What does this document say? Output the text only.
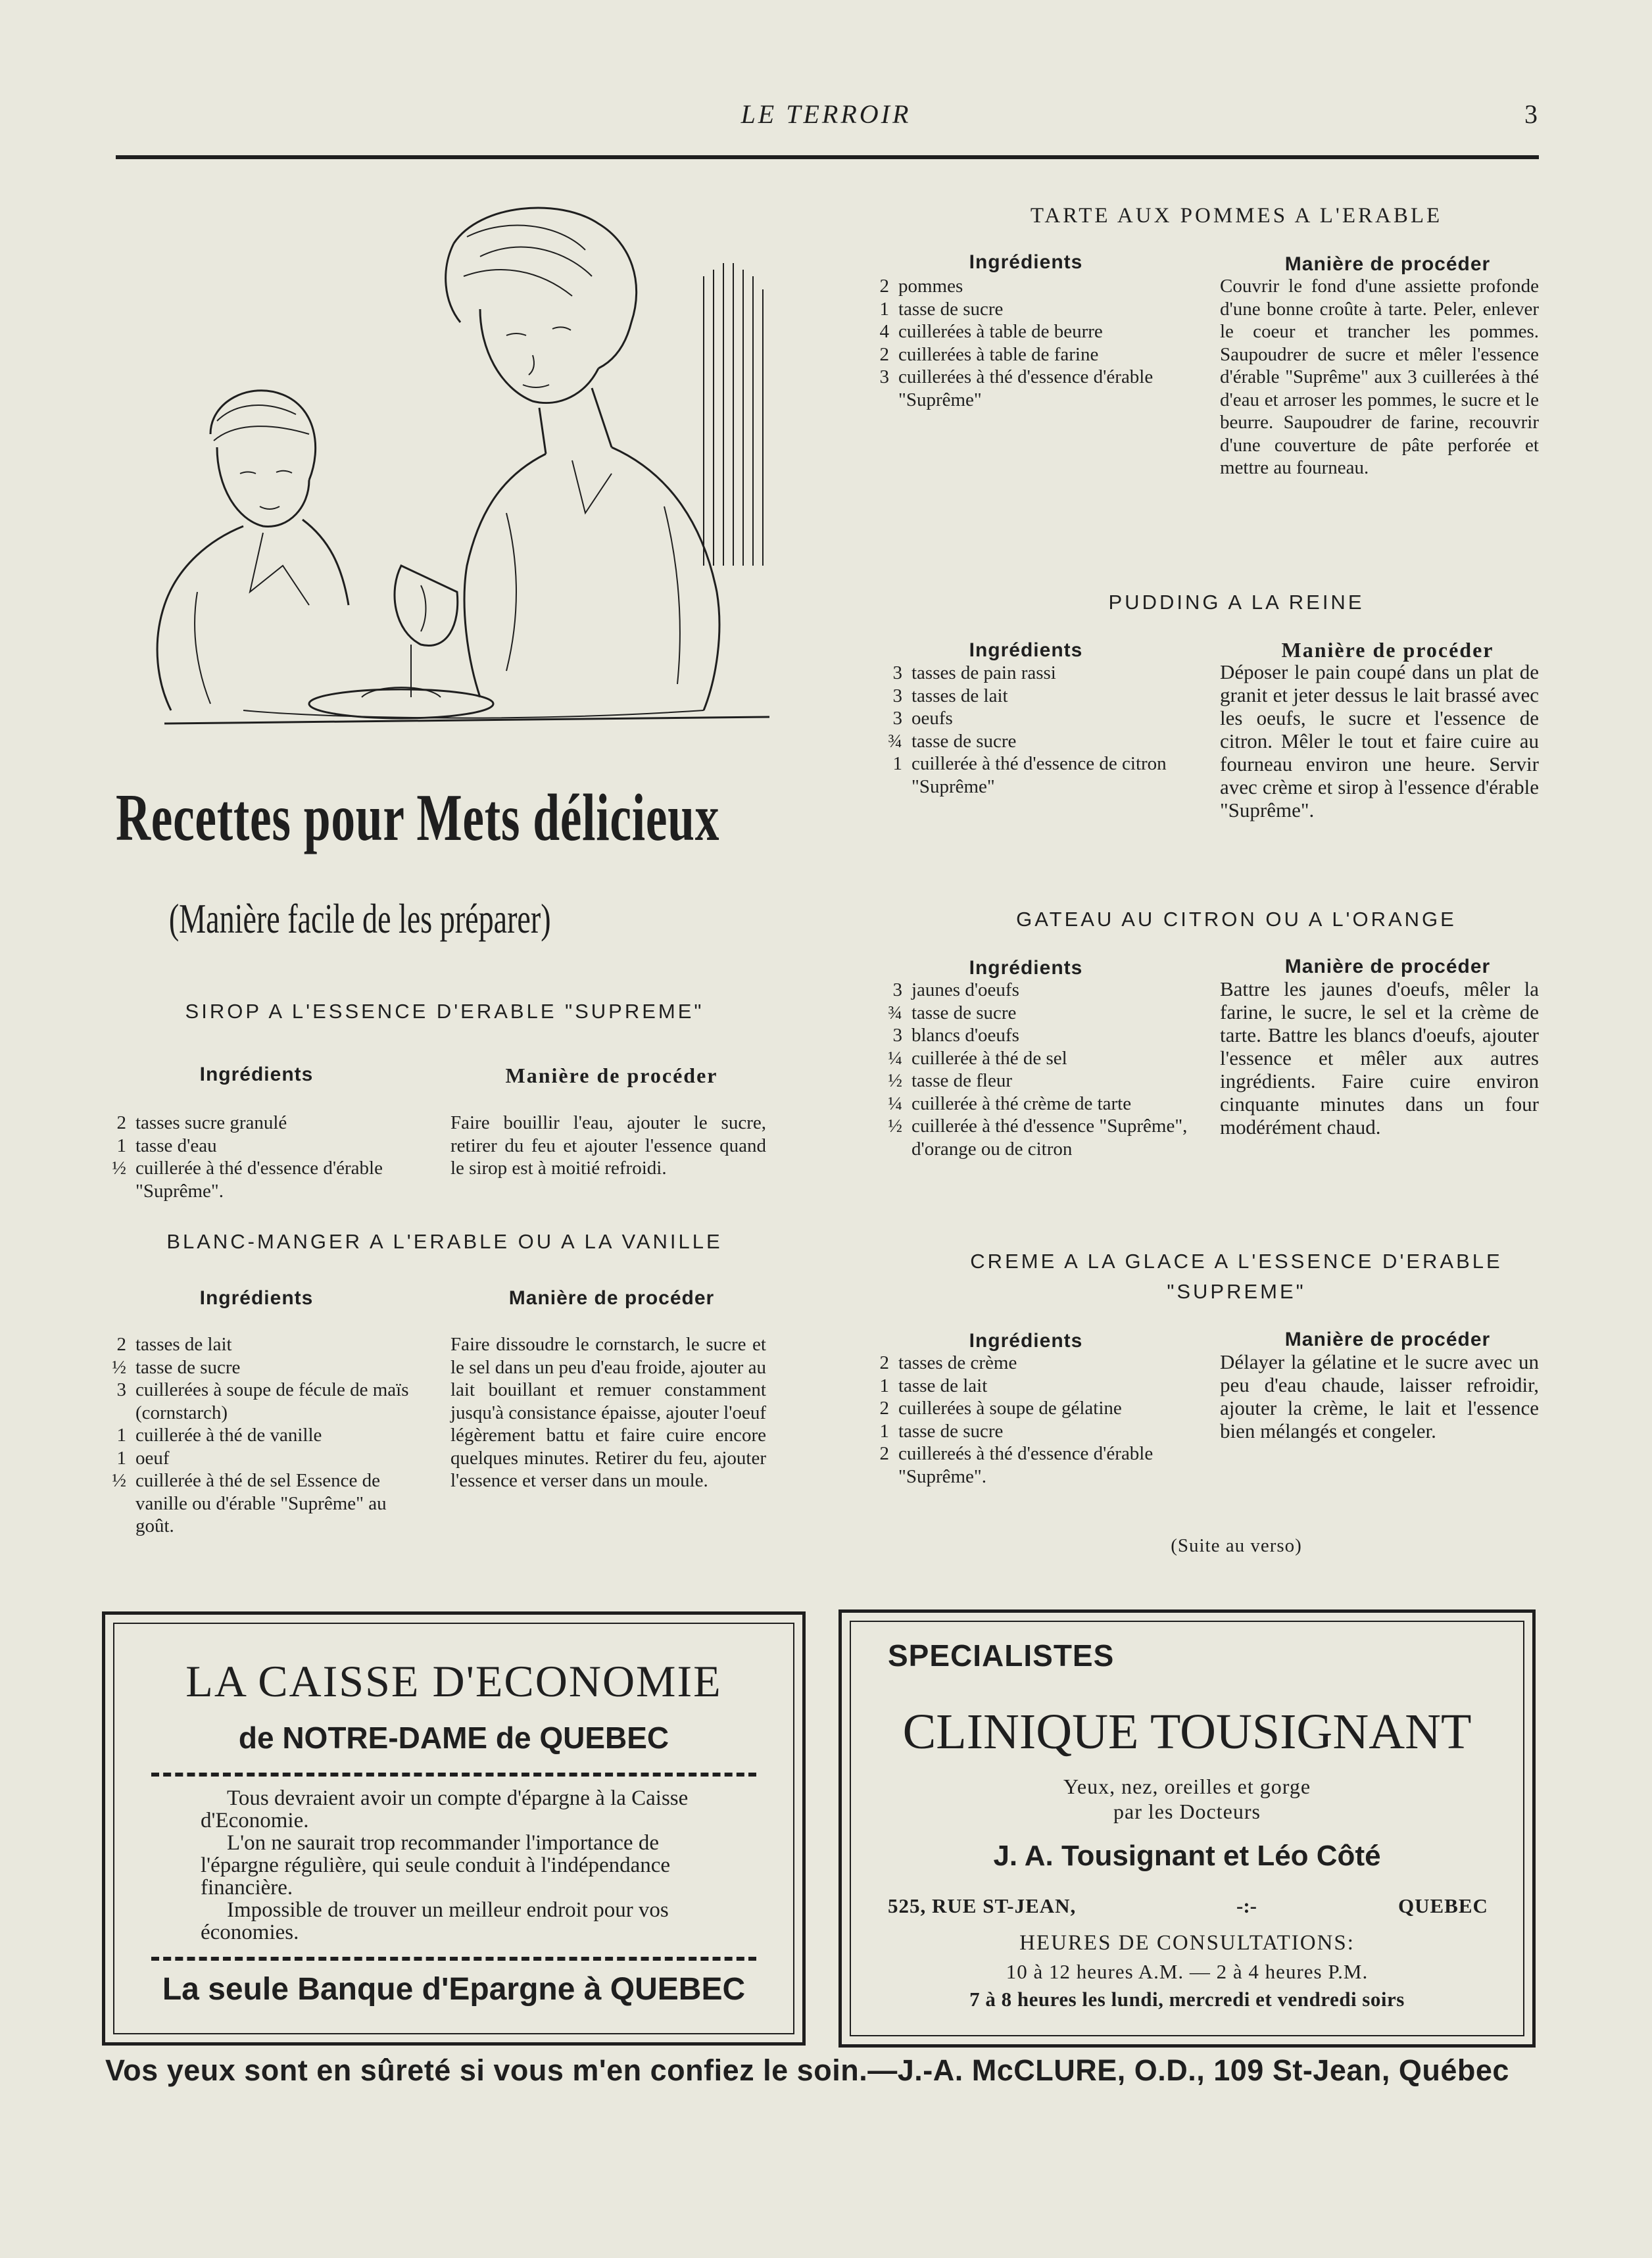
LE TERROIR	3
Recettes pour Mets délicieux
(Manière facile de les préparer)
TARTE AUX POMMES A L'ERABLE
Ingrédients	Manière de procéder
2 pommes
1 tasse de sucre
4 cuillerées à table de beurre
2 cuillerées à table de farine
3 cuillerées à thé d'essence d'érable "Suprême"

Couvrir le fond d'une assiette profonde d'une bonne croûte à tarte. Peler, enlever le coeur et trancher les pommes. Saupoudrer de sucre et mêler l'essence d'érable "Suprême" aux 3 cuillerées à thé d'eau et arroser les pommes, le sucre et le beurre. Saupoudrer de farine, recouvrir d'une couverture de pâte perforée et mettre au fourneau.

PUDDING A LA REINE
Ingrédients	Manière de procéder
3 tasses de pain rassi
3 tasses de lait
3 oeufs
¾ tasse de sucre
1 cuillerée à thé d'essence de citron "Suprême"

Déposer le pain coupé dans un plat de granit et jeter dessus le lait brassé avec les oeufs, le sucre et l'essence de citron. Mêler le tout et faire cuire au fourneau environ une heure. Servir avec crème et sirop à l'essence d'érable "Suprême".

GATEAU AU CITRON OU A L'ORANGE
Ingrédients	Manière de procéder
3 jaunes d'oeufs
¾ tasse de sucre
3 blancs d'oeufs
¼ cuillerée à thé de sel
½ tasse de fleur
¼ cuillerée à thé crème de tarte
½ cuillerée à thé d'essence "Suprême", d'orange ou de citron

Battre les jaunes d'oeufs, mêler la farine, le sucre, le sel et la crème de tarte. Battre les blancs d'oeufs, ajouter l'essence et mêler aux autres ingrédients. Faire cuire environ cinquante minutes dans un four modérément chaud.

CREME A LA GLACE A L'ESSENCE D'ERABLE
"SUPREME"
Ingrédients	Manière de procéder
2 tasses de crème
1 tasse de lait
2 cuillerées à soupe de gélatine
1 tasse de sucre
2 cuillereés à thé d'essence d'érable "Suprême".

Délayer la gélatine et le sucre avec un peu d'eau chaude, laisser refroidir, ajouter la crème, le lait et l'essence bien mélangés et congeler.

(Suite au verso)
SIROP A L'ESSENCE D'ERABLE "SUPREME"
Ingrédients	Manière de procéder
2 tasses sucre granulé
1 tasse d'eau
½ cuillerée à thé d'essence d'érable "Suprême".

Faire bouillir l'eau, ajouter le sucre, retirer du feu et ajouter l'essence quand le sirop est à moitié refroidi.

BLANC-MANGER A L'ERABLE OU A LA VANILLE
Ingrédients	Manière de procéder
2 tasses de lait
½ tasse de sucre
3 cuillerées à soupe de fécule de maïs (cornstarch)
1 cuillerée à thé de vanille
1 oeuf
½ cuillerée à thé de sel Essence de vanille ou d'érable "Suprême" au goût.

Faire dissoudre le cornstarch, le sucre et le sel dans un peu d'eau froide, ajouter au lait bouillant et remuer constamment jusqu'à consistance épaisse, ajouter l'oeuf légèrement battu et faire cuire encore quelques minutes. Retirer du feu, ajouter l'essence et verser dans un moule.

LA CAISSE D'ECONOMIE
de NOTRE-DAME de QUEBEC

Tous devraient avoir un compte d'épargne à la Caisse d'Economie.

L'on ne saurait trop recommander l'importance de l'épargne régulière, qui seule conduit à l'indépendance financière.

Impossible de trouver un meilleur endroit pour vos économies.

La seule Banque d'Epargne à QUEBEC
SPECIALISTES
CLINIQUE TOUSIGNANT
Yeux, nez, oreilles et gorge
par les Docteurs
J. A. Tousignant et Léo Côté
525, RUE ST-JEAN,	-:-	QUEBEC
HEURES DE CONSULTATIONS:
10 à 12 heures A.M. — 2 à 4 heures P.M.
7 à 8 heures les lundi, mercredi et vendredi soirs
Vos yeux sont en sûreté si vous m'en confiez le soin.—J.-A. McCLURE, O.D., 109 St-Jean, Québec
